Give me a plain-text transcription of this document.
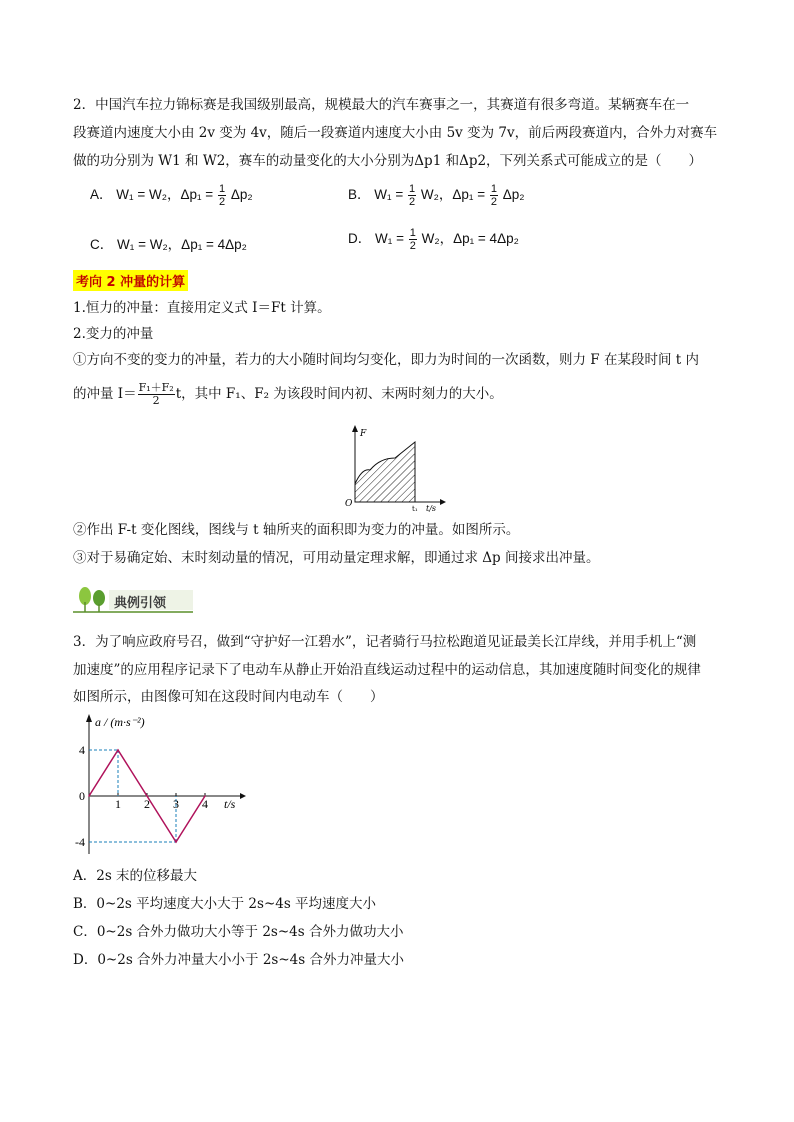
2．中国汽车拉力锦标赛是我国级别最高，规模最大的汽车赛事之一，其赛道有很多弯道。某辆赛车在一
段赛道内速度大小由 2v 变为 4v，随后一段赛道内速度大小由 5v 变为 7v，前后两段赛道内，合外力对赛车
做的功分别为 W1 和 W2，赛车的动量变化的大小分别为Δp1 和Δp2，下列关系式可能成立的是（　　）
A． W₁ = W₂，$\Delta p_1 = \frac{1}{2} \Delta p_2$	B． $W_1 = \frac{1}{2} W_2$，$\Delta p_1 = \frac{1}{2} \Delta p_2$
C． W₁ = W₂，Δp₁ = 4Δp₂	D． $W_1 = \frac{1}{2} W_2$，Δp₁ = 4Δp₂
考向 2 冲量的计算
1.恒力的冲量：直接用定义式 I＝Ft 计算。
2.变力的冲量
①方向不变的变力的冲量，若力的大小随时间均匀变化，即力为时间的一次函数，则力 F 在某段时间 t 内
的冲量 $I= \frac{\text{F₁＋F₂}}{2}$ t，其中 F₁、F₂ 为该段时间内初、末两时刻力的大小。
F
O	t₁ t/s
②作出 F-t 变化图线，图线与 t 轴所夹的面积即为变力的冲量。如图所示。
③对于易确定始、末时刻动量的情况，可用动量定理求解，即通过求 Δp 间接求出冲量。
典例引领
3．为了响应政府号召，做到“守护好一江碧水”，记者骑行马拉松跑道见证最美长江岸线，并用手机上“测
加速度”的应用程序记录下了电动车从静止开始沿直线运动过程中的运动信息，其加速度随时间变化的规律
如图所示，由图像可知在这段时间内电动车（　　）
1 2 3 4
4
0
-4
a / (m·s⁻²)
t/s
A．2s 末的位移最大
B．0~2s 平均速度大小大于 2s~4s 平均速度大小
C．0~2s 合外力做功大小等于 2s~4s 合外力做功大小
D．0~2s 合外力冲量大小小于 2s~4s 合外力冲量大小
